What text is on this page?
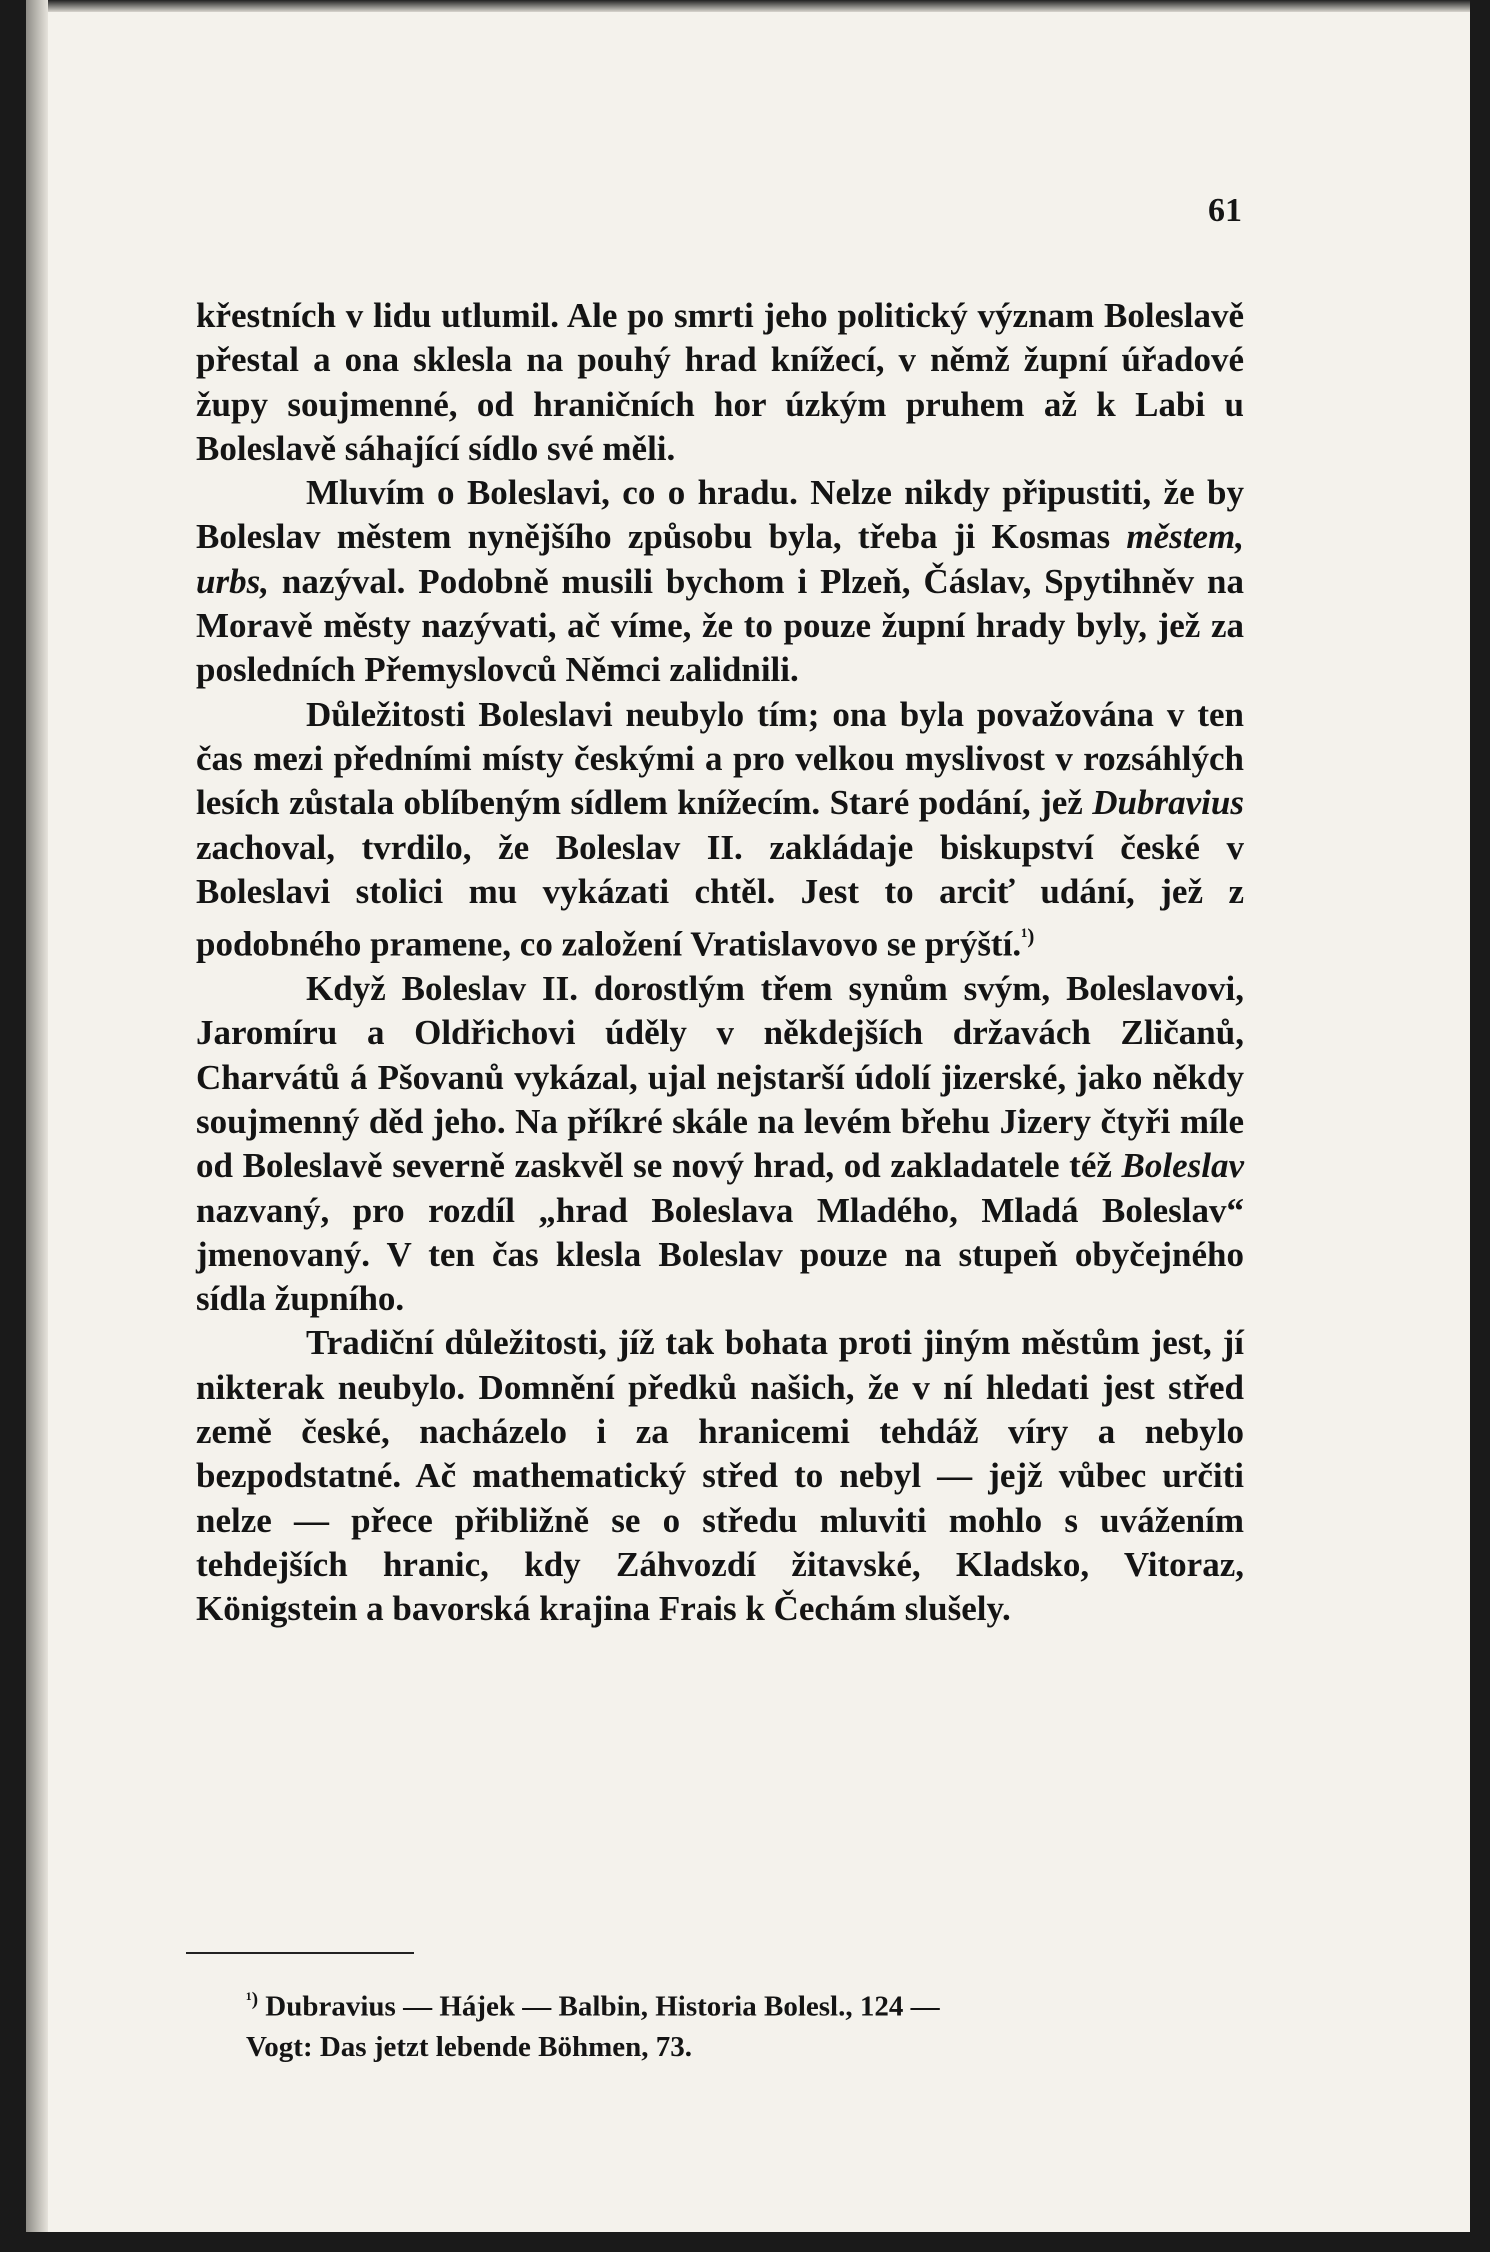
61

křestních v lidu utlumil. Ale po smrti jeho politický význam Boleslavě přestal a ona sklesla na pouhý hrad knížecí, v němž župní úřadové župy soujmenné, od hraničních hor úzkým pruhem až k Labi u Boleslavě sáhající sídlo své měli.

Mluvím o Boleslavi, co o hradu. Nelze nikdy připustiti, že by Boleslav městem nynějšího způsobu byla, třeba ji Kosmas městem, urbs, nazýval. Podobně musili bychom i Plzeň, Čáslav, Spytihněv na Moravě městy nazývati, ač víme, že to pouze župní hrady byly, jež za posledních Přemyslovců Němci zalidnili.

Důležitosti Boleslavi neubylo tím; ona byla považována v ten čas mezi předními místy českými a pro velkou myslivost v rozsáhlých lesích zůstala oblíbeným sídlem knížecím. Staré podání, jež Dubravius zachoval, tvrdilo, že Boleslav II. zakládaje biskupství české v Boleslavi stolici mu vykázati chtěl. Jest to arciť udání, jež z podobného pramene, co založení Vratislavovo se prýští.$^{^1)}$

Když Boleslav II. dorostlým třem synům svým, Boleslavovi, Jaromíru a Oldřichovi úděly v někdejších državách Zličanů, Charvátů á Pšovanů vykázal, ujal nejstarší údolí jizerské, jako někdy soujmenný děd jeho. Na příkré skále na levém břehu Jizery čtyři míle od Boleslavě severně zaskvěl se nový hrad, od zakladatele též Boleslav nazvaný, pro rozdíl „hrad Boleslava Mladého, Mladá Boleslav“ jmenovaný. V ten čas klesla Boleslav pouze na stupeň obyčejného sídla župního.

Tradiční důležitosti, jíž tak bohata proti jiným městům jest, jí nikterak neubylo. Domnění předků našich, že v ní hledati jest střed země české, nacházelo i za hranicemi tehdáž víry a nebylo bezpodstatné. Ač mathematický střed to nebyl — jejž vůbec určiti nelze — přece přibližně se o středu mluviti mohlo s uvážením tehdejších hranic, kdy Záhvozdí žitavské, Kladsko, Vitoraz, Königstein a bavorská krajina Frais k Čechám slušely.

$^{^1)}$ Dubravius — Hájek — Balbin, Historia Bolesl., 124 —

Vogt: Das jetzt lebende Böhmen, 73.
